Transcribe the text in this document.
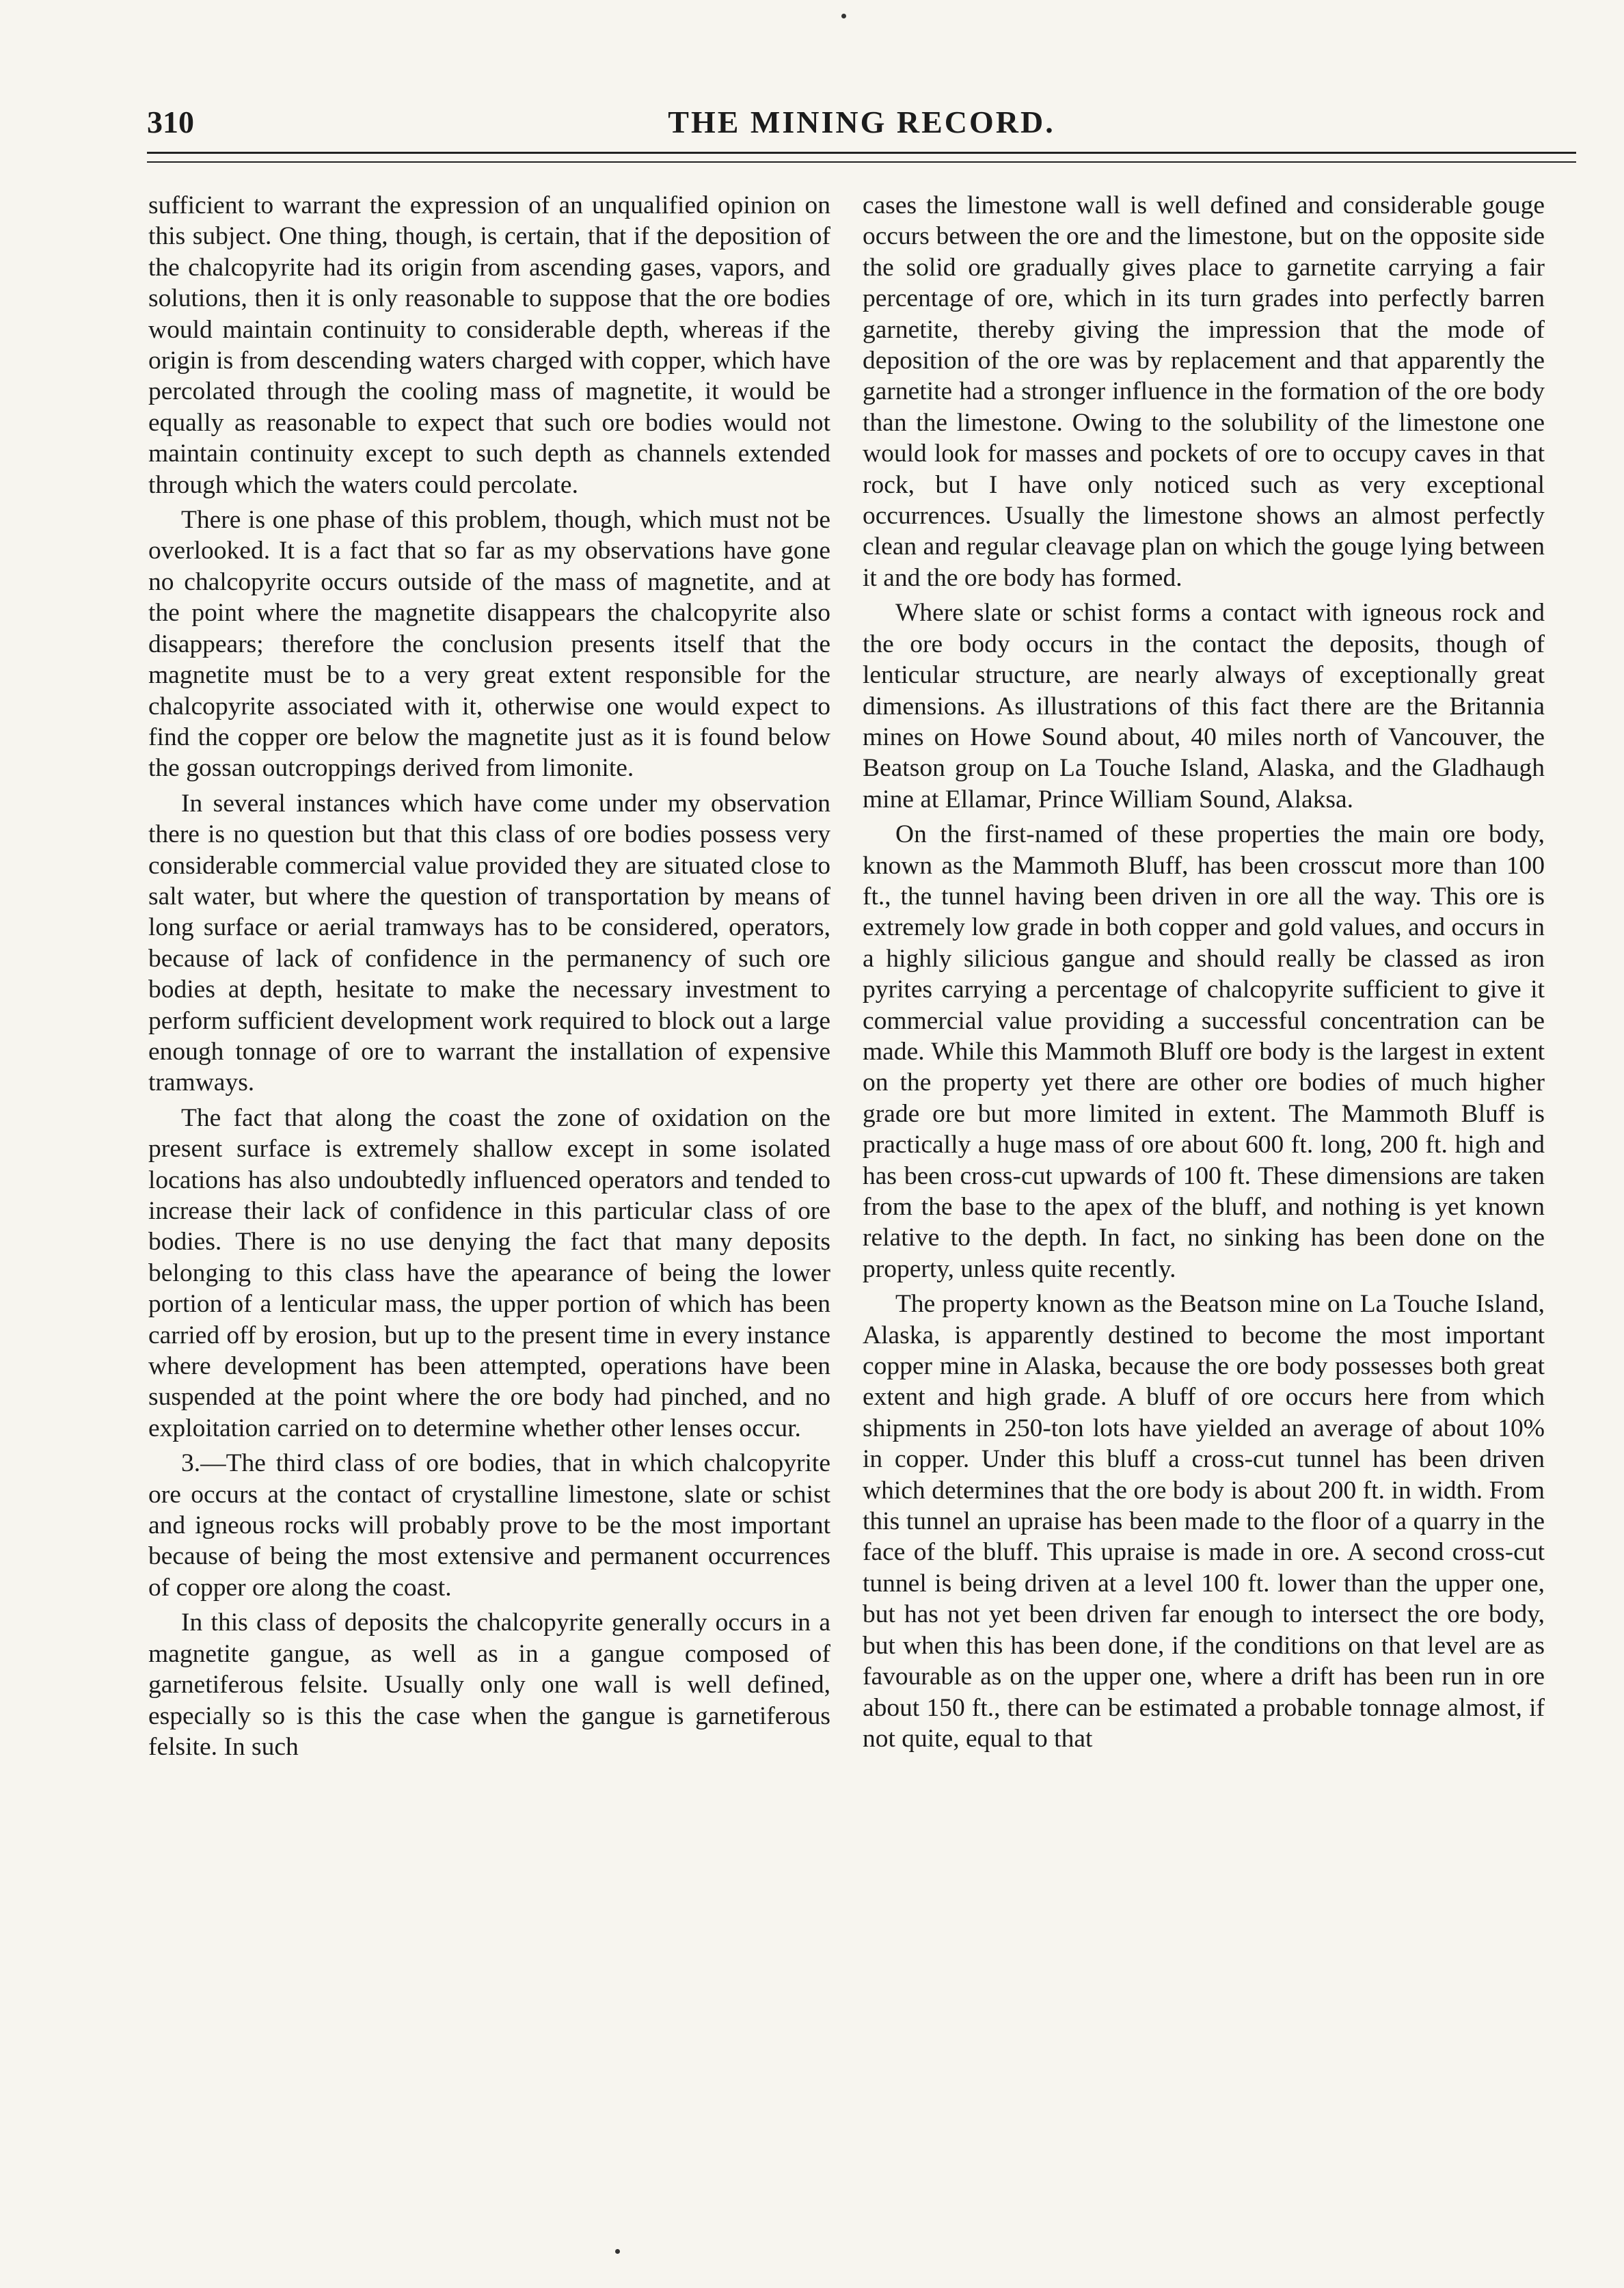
310	THE MINING RECORD.

sufficient to warrant the expression of an unqualified opinion on this subject. One thing, though, is certain, that if the deposition of the chalcopyrite had its origin from ascending gases, vapors, and solutions, then it is only reasonable to suppose that the ore bodies would maintain continuity to considerable depth, whereas if the origin is from descending waters charged with copper, which have percolated through the cooling mass of magnetite, it would be equally as reasonable to expect that such ore bodies would not maintain continuity except to such depth as channels extended through which the waters could percolate.

There is one phase of this problem, though, which must not be overlooked. It is a fact that so far as my observations have gone no chalcopyrite occurs outside of the mass of magnetite, and at the point where the magnetite disappears the chalcopyrite also disappears; therefore the conclusion presents itself that the magnetite must be to a very great extent responsible for the chalcopyrite associated with it, otherwise one would expect to find the copper ore below the magnetite just as it is found below the gossan outcroppings derived from limonite.

In several instances which have come under my observation there is no question but that this class of ore bodies possess very considerable commercial value provided they are situated close to salt water, but where the question of transportation by means of long surface or aerial tramways has to be considered, operators, because of lack of confidence in the permanency of such ore bodies at depth, hesitate to make the necessary investment to perform sufficient development work required to block out a large enough tonnage of ore to warrant the installation of expensive tramways.

The fact that along the coast the zone of oxidation on the present surface is extremely shallow except in some isolated locations has also undoubtedly influenced operators and tended to increase their lack of confidence in this particular class of ore bodies. There is no use denying the fact that many deposits belonging to this class have the apearance of being the lower portion of a lenticular mass, the upper portion of which has been carried off by erosion, but up to the present time in every instance where development has been attempted, operations have been suspended at the point where the ore body had pinched, and no exploitation carried on to determine whether other lenses occur.

3.—The third class of ore bodies, that in which chalcopyrite ore occurs at the contact of crystalline limestone, slate or schist and igneous rocks will probably prove to be the most important because of being the most extensive and permanent occurrences of copper ore along the coast.

In this class of deposits the chalcopyrite generally occurs in a magnetite gangue, as well as in a gangue composed of garnetiferous felsite. Usually only one wall is well defined, especially so is this the case when the gangue is garnetiferous felsite. In such

cases the limestone wall is well defined and considerable gouge occurs between the ore and the limestone, but on the opposite side the solid ore gradually gives place to garnetite carrying a fair percentage of ore, which in its turn grades into perfectly barren garnetite, thereby giving the impression that the mode of deposition of the ore was by replacement and that apparently the garnetite had a stronger influence in the formation of the ore body than the limestone. Owing to the solubility of the limestone one would look for masses and pockets of ore to occupy caves in that rock, but I have only noticed such as very exceptional occurrences. Usually the limestone shows an almost perfectly clean and regular cleavage plan on which the gouge lying between it and the ore body has formed.

Where slate or schist forms a contact with igneous rock and the ore body occurs in the contact the deposits, though of lenticular structure, are nearly always of exceptionally great dimensions. As illustrations of this fact there are the Britannia mines on Howe Sound about, 40 miles north of Vancouver, the Beatson group on La Touche Island, Alaska, and the Gladhaugh mine at Ellamar, Prince William Sound, Alaksa.

On the first-named of these properties the main ore body, known as the Mammoth Bluff, has been crosscut more than 100 ft., the tunnel having been driven in ore all the way. This ore is extremely low grade in both copper and gold values, and occurs in a highly silicious gangue and should really be classed as iron pyrites carrying a percentage of chalcopyrite sufficient to give it commercial value providing a successful concentration can be made. While this Mammoth Bluff ore body is the largest in extent on the property yet there are other ore bodies of much higher grade ore but more limited in extent. The Mammoth Bluff is practically a huge mass of ore about 600 ft. long, 200 ft. high and has been cross-cut upwards of 100 ft. These dimensions are taken from the base to the apex of the bluff, and nothing is yet known relative to the depth. In fact, no sinking has been done on the property, unless quite recently.

The property known as the Beatson mine on La Touche Island, Alaska, is apparently destined to become the most important copper mine in Alaska, because the ore body possesses both great extent and high grade. A bluff of ore occurs here from which shipments in 250-ton lots have yielded an average of about 10% in copper. Under this bluff a cross-cut tunnel has been driven which determines that the ore body is about 200 ft. in width. From this tunnel an upraise has been made to the floor of a quarry in the face of the bluff. This upraise is made in ore. A second cross-cut tunnel is being driven at a level 100 ft. lower than the upper one, but has not yet been driven far enough to intersect the ore body, but when this has been done, if the conditions on that level are as favourable as on the upper one, where a drift has been run in ore about 150 ft., there can be estimated a probable tonnage almost, if not quite, equal to that
